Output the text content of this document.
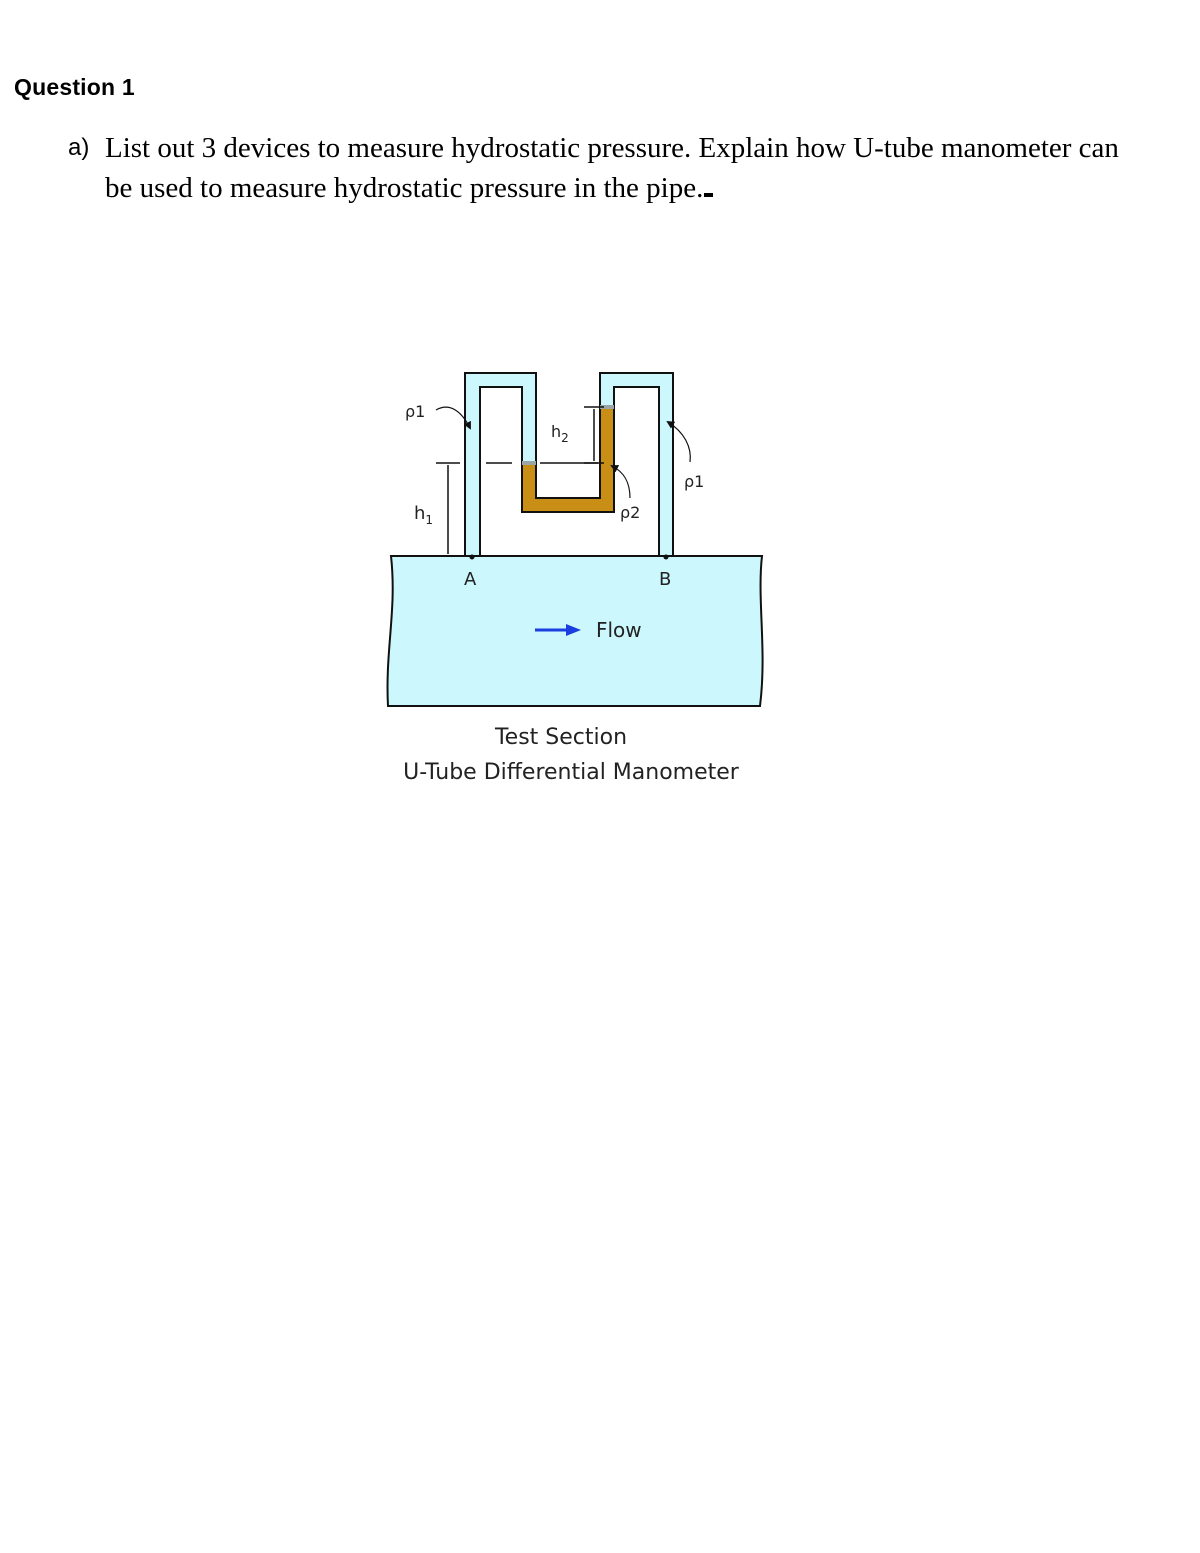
Question 1
a) List out 3 devices to measure hydrostatic pressure. Explain how U-tube manometer can
be used to measure hydrostatic pressure in the pipe.
$h_2$
$h_1$
ρ1
ρ1
ρ2
A	B
Flow
Test Section
U-Tube Differential Manometer
